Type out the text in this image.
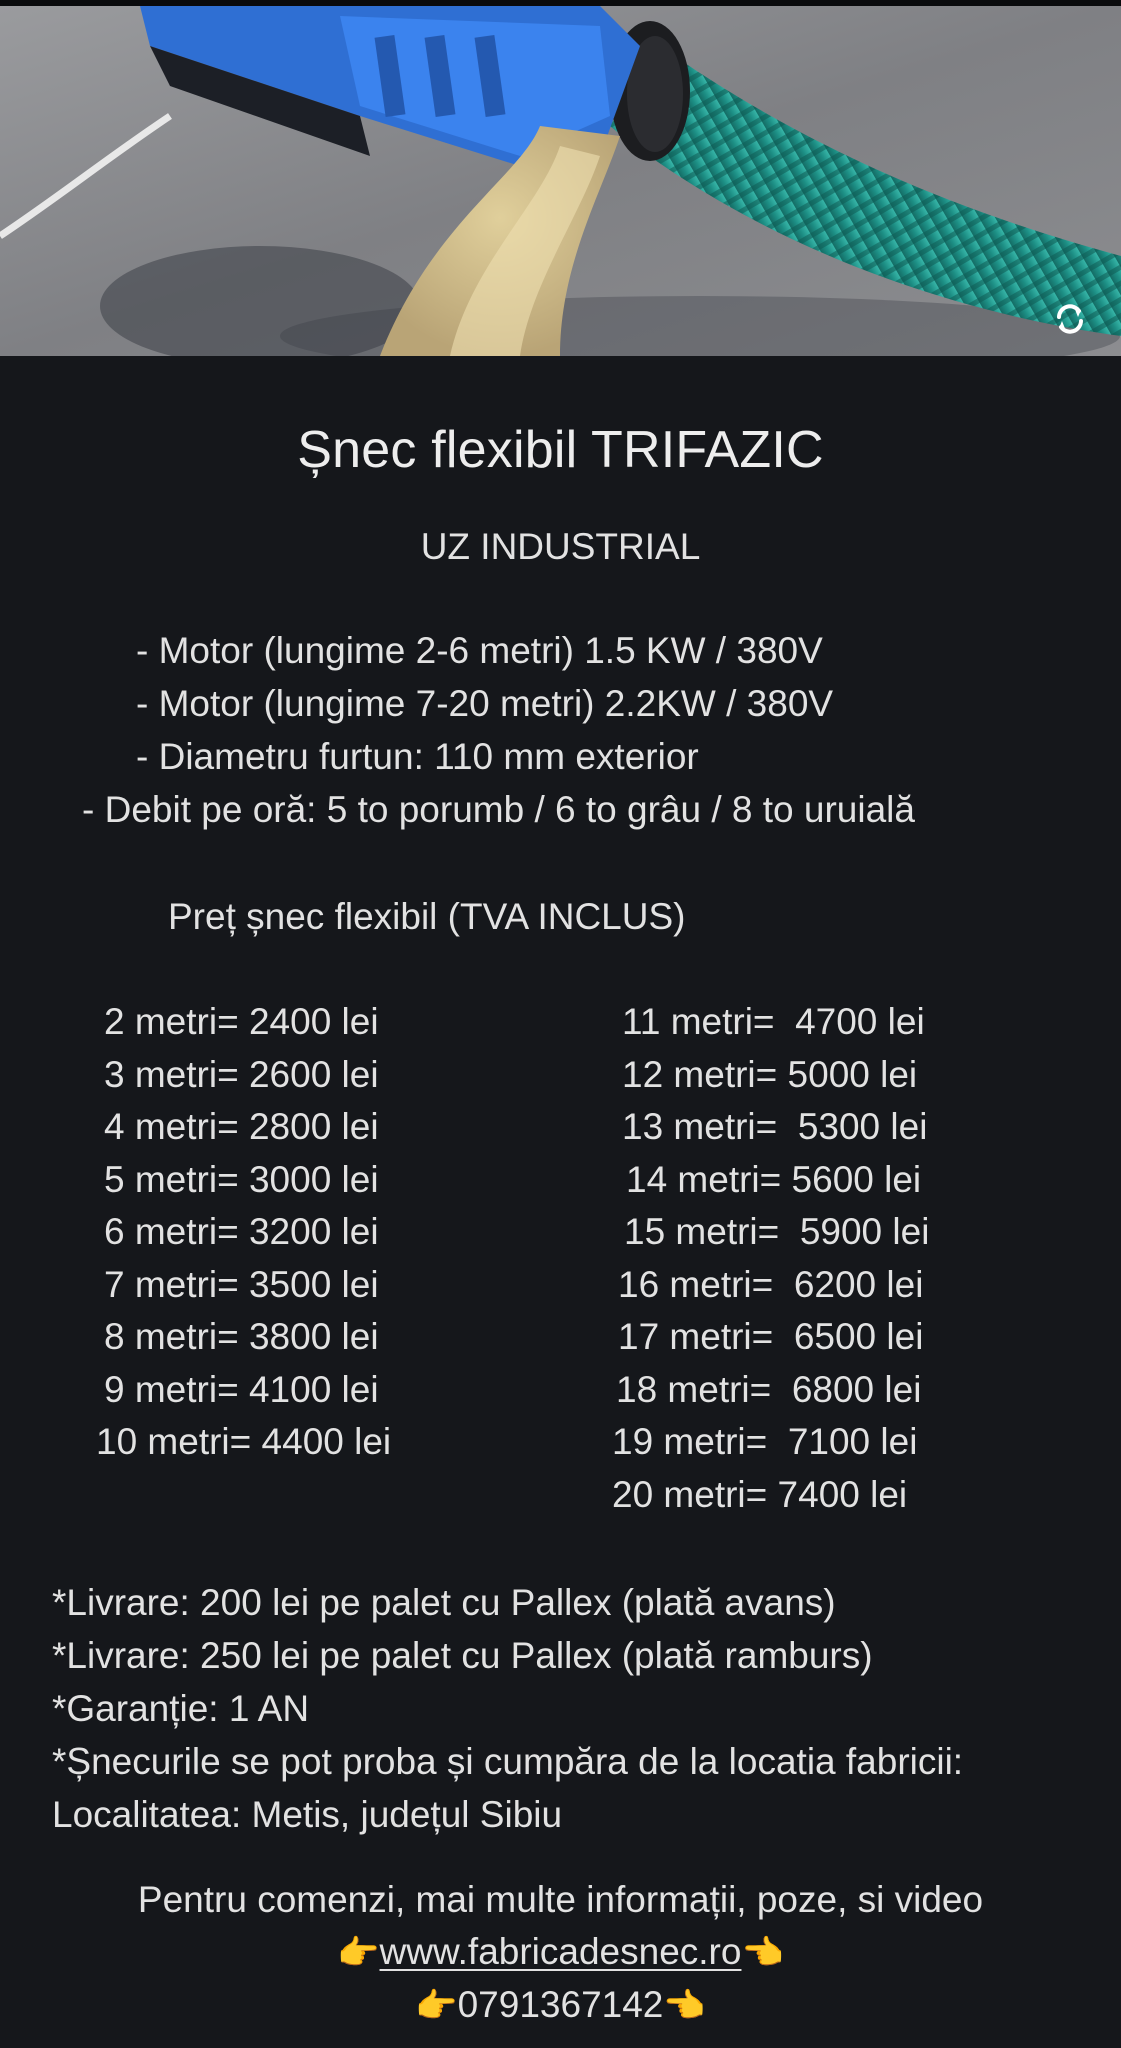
Șnec flexibil TRIFAZIC
UZ INDUSTRIAL
- Motor (lungime 2-6 metri) 1.5 KW / 380V
- Motor (lungime 7-20 metri) 2.2KW / 380V
- Diametru furtun: 110 mm exterior
- Debit pe oră: 5 to porumb / 6 to grâu / 8 to uruială
Preț șnec flexibil (TVA INCLUS)
2 metri= 2400 lei
3 metri= 2600 lei
4 metri= 2800 lei
5 metri= 3000 lei
6 metri= 3200 lei
7 metri= 3500 lei
8 metri= 3800 lei
9 metri= 4100 lei
10 metri= 4400 lei
11 metri=  4700 lei
12 metri= 5000 lei
13 metri=  5300 lei
14 metri= 5600 lei
15 metri=  5900 lei
16 metri=  6200 lei
17 metri=  6500 lei
18 metri=  6800 lei
19 metri=  7100 lei
20 metri= 7400 lei
*Livrare: 200 lei pe palet cu Pallex (plată avans)
*Livrare: 250 lei pe palet cu Pallex (plată ramburs)
*Garanție: 1 AN
*Șnecurile se pot proba și cumpăra de la locatia fabricii:
Localitatea: Metis, județul Sibiu
Pentru comenzi, mai multe informații, poze, si video
👉www.fabricadesnec.ro👈
👉0791367142👈
